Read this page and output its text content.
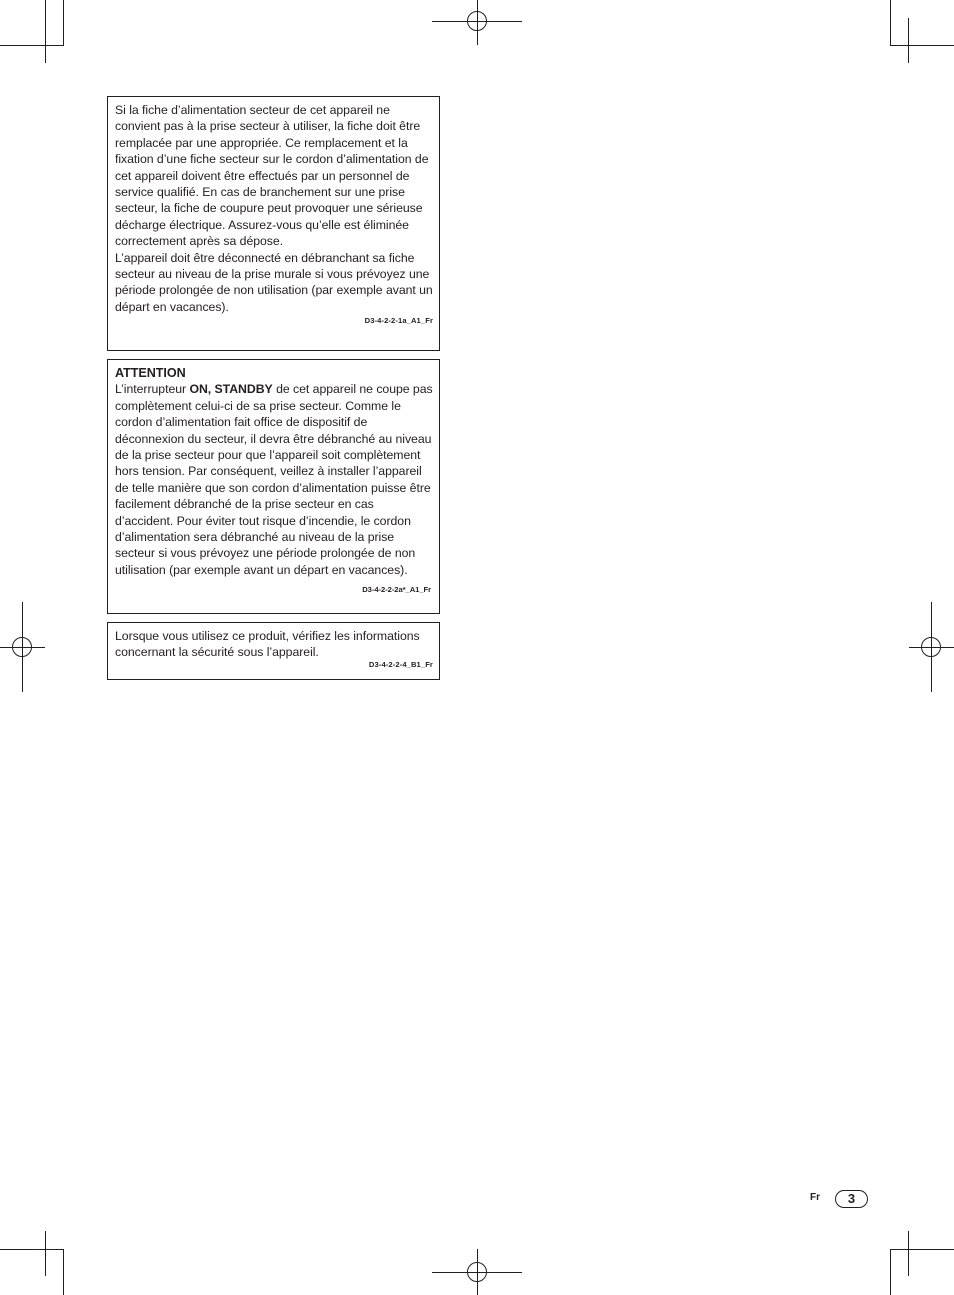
Si la fiche d’alimentation secteur de cet appareil ne convient pas à la prise secteur à utiliser, la fiche doit être remplacée par une appropriée. Ce remplacement et la fixation d’une fiche secteur sur le cordon d’alimentation de cet appareil doivent être effectués par un personnel de service qualifié. En cas de branchement sur une prise secteur, la fiche de coupure peut provoquer une sérieuse décharge électrique. Assurez-vous qu’elle est éliminée correctement après sa dépose.

L’appareil doit être déconnecté en débranchant sa fiche secteur au niveau de la prise murale si vous prévoyez une période prolongée de non utilisation (par exemple avant un départ en vacances).

D3-4-2-2-1a_A1_Fr

ATTENTION

L’interrupteur ON, STANDBY de cet appareil ne coupe pas complètement celui-ci de sa prise secteur. Comme le cordon d’alimentation fait office de dispositif de déconnexion du secteur, il devra être débranché au niveau de la prise secteur pour que l’appareil soit complètement hors tension. Par conséquent, veillez à installer l’appareil de telle manière que son cordon d’alimentation puisse être facilement débranché de la prise secteur en cas d’accident. Pour éviter tout risque d’incendie, le cordon d’alimentation sera débranché au niveau de la prise secteur si vous prévoyez une période prolongée de non utilisation (par exemple avant un départ en vacances).
D3-4-2-2-2a*_A1_Fr

Lorsque vous utilisez ce produit, vérifiez les informations concernant la sécurité sous l’appareil.

D3-4-2-2-4_B1_Fr
Fr	3
